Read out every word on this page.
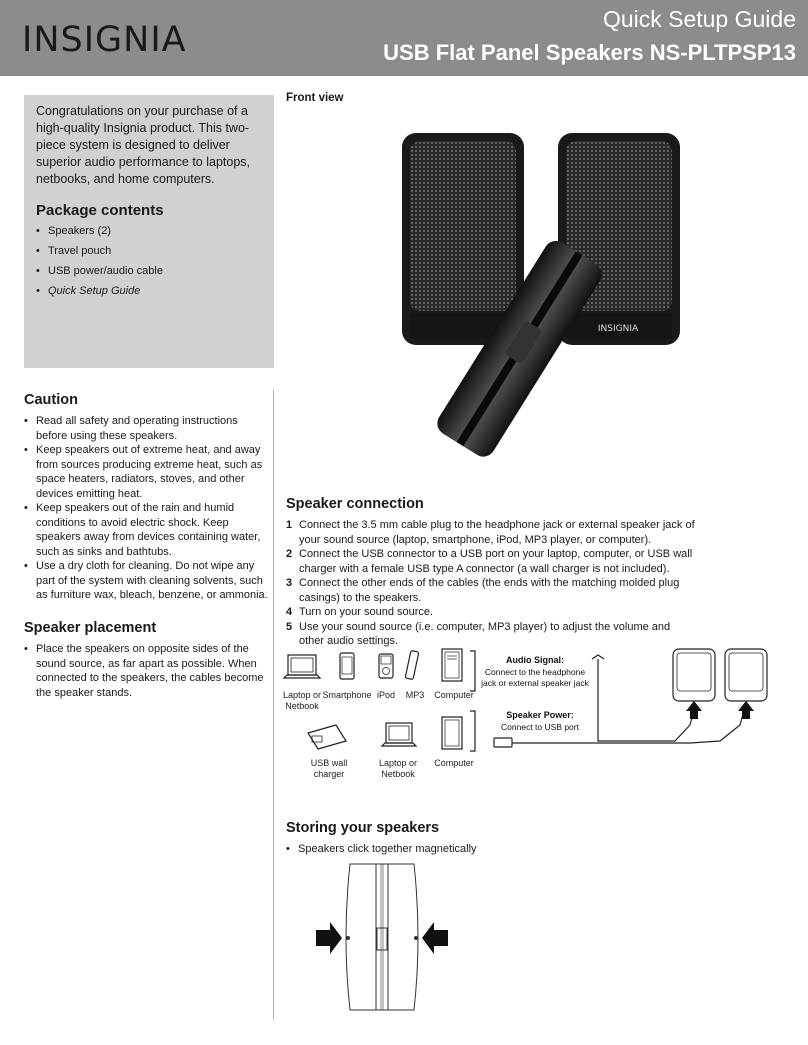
INSIGNIA
Quick Setup Guide
USB Flat Panel Speakers NS-PLTPSP13
Congratulations on your purchase of a high-quality Insignia product. This two-piece system is designed to deliver superior audio performance to laptops, netbooks, and home computers.
Package contents
• Speakers (2)
• Travel pouch
• USB power/audio cable
• Quick Setup Guide
Caution
• Read all safety and operating instructions before using these speakers.
• Keep speakers out of extreme heat, and away from sources producing extreme heat, such as space heaters, radiators, stoves, and other devices emitting heat.
• Keep speakers out of the rain and humid conditions to avoid electric shock. Keep speakers away from devices containing water, such as sinks and bathtubs.
• Use a dry cloth for cleaning. Do not wipe any part of the system with cleaning solvents, such as furniture wax, bleach, benzene, or ammonia.
Speaker placement
• Place the speakers on opposite sides of the sound source, as far apart as possible. When connected to the speakers, the cables become the speaker stands.
Front view
INSIGNIA
Speaker connection
1 Connect the 3.5 mm cable plug to the headphone jack or external speaker jack of your sound source (laptop, smartphone, iPod, MP3 player, or computer).
2 Connect the USB connector to a USB port on your laptop, computer, or USB wall charger with a female USB type A connector (a wall charger is not included).
3 Connect the other ends of the cables (the ends with the matching molded plug casings) to the speakers.
4 Turn on your sound source.
5 Use your sound source (i.e. computer, MP3 player) to adjust the volume and other audio settings.
Laptop or Netbook
Smartphone iPod	MP3	Computer
USB wall charger
Laptop or Netbook
Computer
Audio Signal:
Connect to the headphone jack or external speaker jack
Speaker Power:
Connect to USB port
Storing your speakers
• Speakers click together magnetically
